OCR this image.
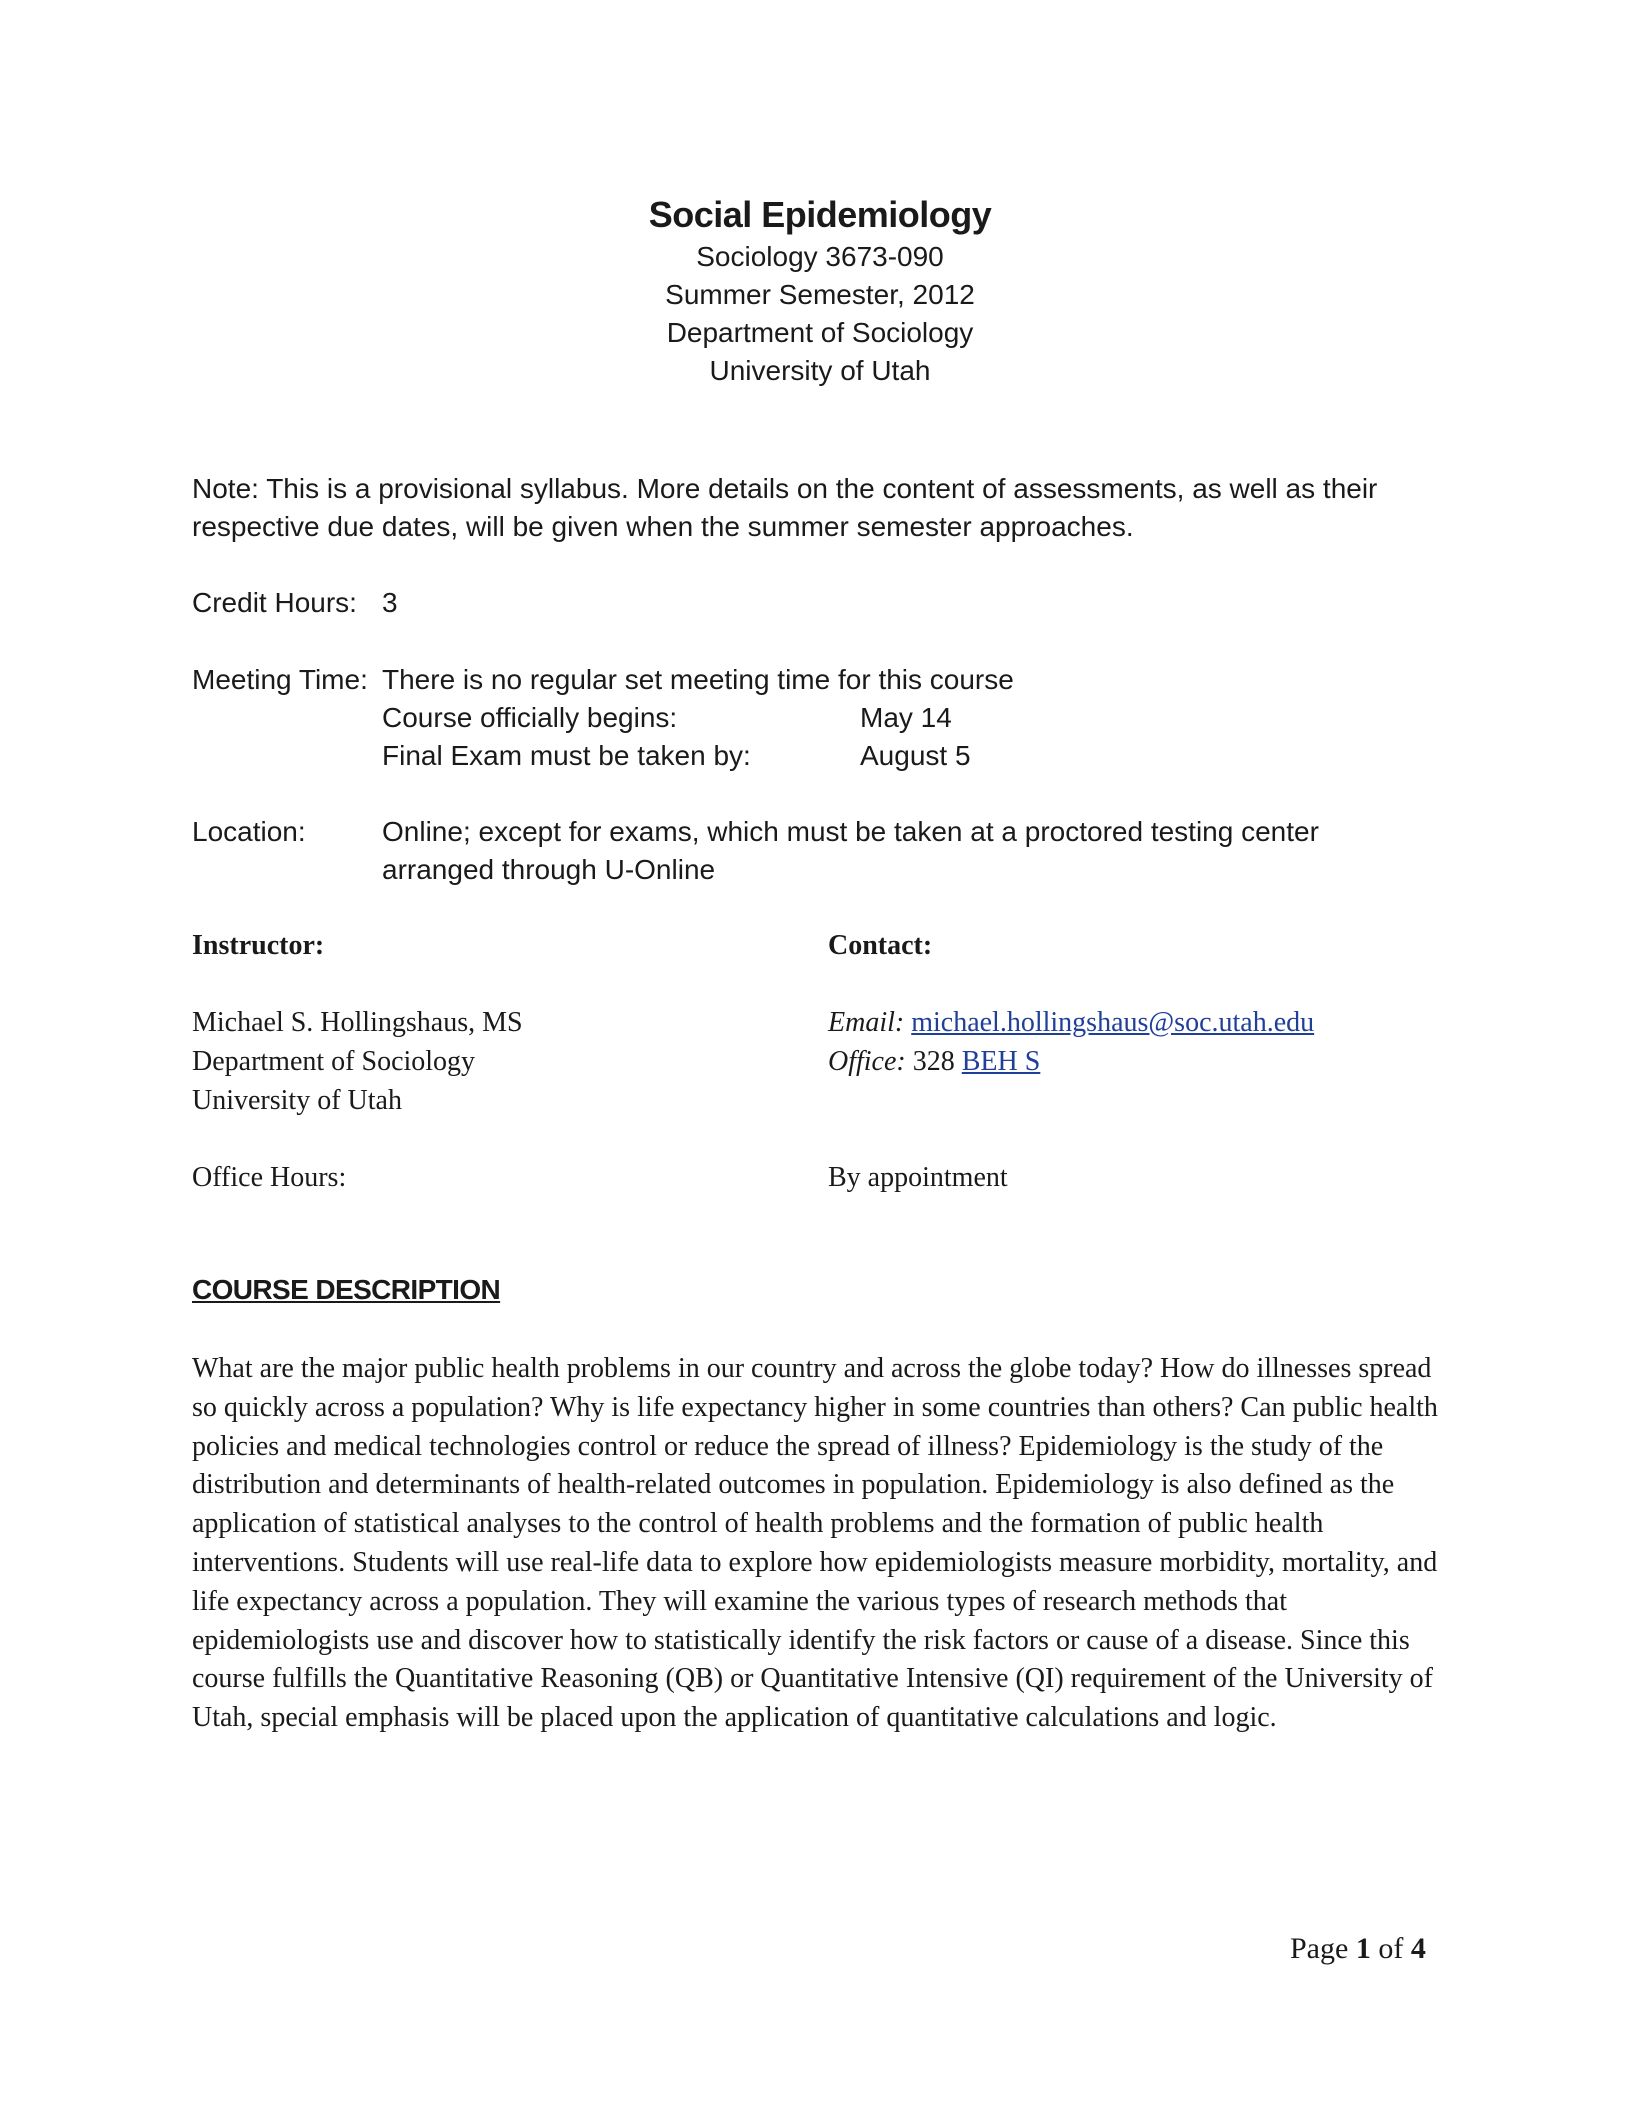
Social Epidemiology
Sociology 3673-090
Summer Semester, 2012
Department of Sociology
University of Utah
Note: This is a provisional syllabus. More details on the content of assessments, as well as their respective due dates, will be given when the summer semester approaches.
Credit Hours: 3
Meeting Time: There is no regular set meeting time for this course
Course officially begins:	May 14
Final Exam must be taken by:	August 5
Location:	Online; except for exams, which must be taken at a proctored testing center arranged through U-Online
Instructor:	Contact:
Michael S. Hollingshaus, MS
Department of Sociology
University of Utah
Email: michael.hollingshaus@soc.utah.edu
Office: 328 BEH S
Office Hours:	By appointment
COURSE DESCRIPTION

What are the major public health problems in our country and across the globe today? How do illnesses spread so quickly across a population? Why is life expectancy higher in some countries than others? Can public health policies and medical technologies control or reduce the spread of illness? Epidemiology is the study of the distribution and determinants of health-related outcomes in population. Epidemiology is also defined as the application of statistical analyses to the control of health problems and the formation of public health interventions. Students will use real-life data to explore how epidemiologists measure morbidity, mortality, and life expectancy across a population. They will examine the various types of research methods that epidemiologists use and discover how to statistically identify the risk factors or cause of a disease. Since this course fulfills the Quantitative Reasoning (QB) or Quantitative Intensive (QI) requirement of the University of Utah, special emphasis will be placed upon the application of quantitative calculations and logic.

Page 1 of 4
